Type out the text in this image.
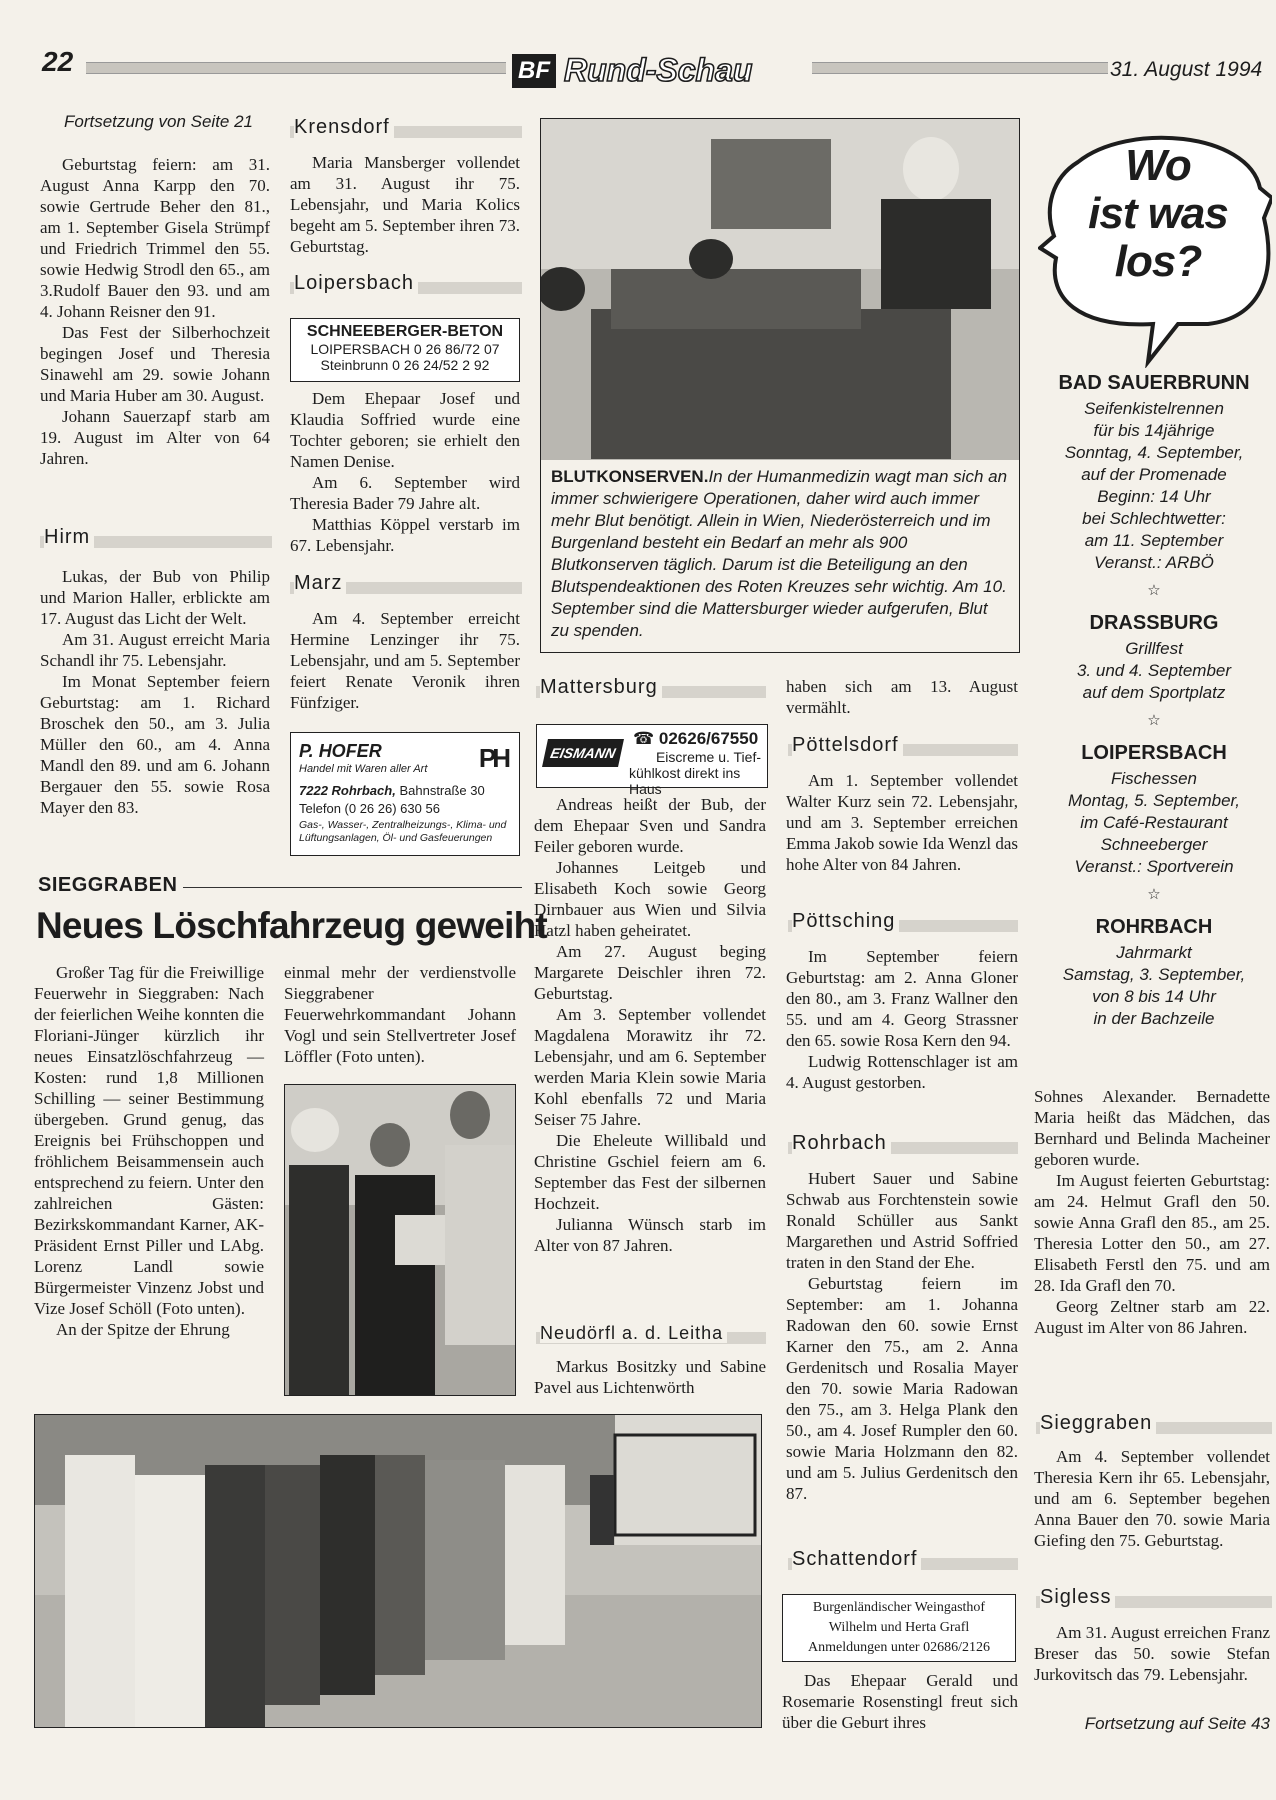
22	BF Rund-Schau	31. August 1994
Fortsetzung von Seite 21

Geburtstag feiern: am 31. August Anna Karpp den 70. sowie Gertrude Beher den 81., am 1. September Gisela Strümpf und Friedrich Trimmel den 55. sowie Hedwig Strodl den 65., am 3.Rudolf Bauer den 93. und am 4. Johann Reisner den 91.

Das Fest der Silberhochzeit begingen Josef und Theresia Sinawehl am 29. sowie Johann und Maria Huber am 30. August.

Johann Sauerzapf starb am 19. August im Alter von 64 Jahren.

Hirm

Lukas, der Bub von Philip und Marion Haller, erblickte am 17. August das Licht der Welt.

Am 31. August erreicht Maria Schandl ihr 75. Lebensjahr.

Im Monat September feiern Geburtstag: am 1. Richard Broschek den 50., am 3. Julia Müller den 60., am 4. Anna Mandl den 89. und am 6. Johann Bergauer den 55. sowie Rosa Mayer den 83.

Krensdorf

Maria Mansberger vollendet am 31. August ihr 75. Lebensjahr, und Maria Kolics begeht am 5. September ihren 73. Geburtstag.

Loipersbach
SCHNEEBERGER-BETON
LOIPERSBACH 0 26 86/72 07
Steinbrunn 0 26 24/52 2 92

Dem Ehepaar Josef und Klaudia Soffried wurde eine Tochter geboren; sie erhielt den Namen Denise.

Am 6. September wird Theresia Bader 79 Jahre alt.

Matthias Köppel verstarb im 67. Lebensjahr.

Marz

Am 4. September erreicht Hermine Lenzinger ihr 75. Lebensjahr, und am 5. September feiert Renate Veronik ihren Fünfziger.

P. HOFER
Handel mit Waren aller Art PH
7222 Rohrbach, Bahnstraße 30
Telefon (0 26 26) 630 56
Gas-, Wasser-, Zentralheizungs-, Klima- und Lüftungsanlagen, Öl- und Gasfeuerungen
BLUTKONSERVEN.In der Humanmedizin wagt man sich an immer schwierigere Operationen, daher wird auch immer mehr Blut benötigt. Allein in Wien, Niederösterreich und im Burgenland besteht ein Bedarf an mehr als 900 Blutkonserven täglich. Darum ist die Beteiligung an den Blutspendeaktionen des Roten Kreuzes sehr wichtig. Am 10. September sind die Mattersburger wieder aufgerufen, Blut zu spenden.
Wo
ist was
los?
BAD SAUERBRUNN
Seifenkistelrennen
für bis 14jährige
Sonntag, 4. September,
auf der Promenade
Beginn: 14 Uhr
bei Schlechtwetter:
am 11. September
Veranst.: ARBÖ
☆
DRASSBURG
Grillfest
3. und 4. September
auf dem Sportplatz
☆
LOIPERSBACH
Fischessen
Montag, 5. September,
im Café-Restaurant
Schneeberger
Veranst.: Sportverein
☆
ROHRBACH
Jahrmarkt
Samstag, 3. September,
von 8 bis 14 Uhr
in der Bachzeile
SIEGGRABEN
Neues Löschfahrzeug geweiht

Großer Tag für die Freiwillige Feuerwehr in Sieggraben: Nach der feierlichen Weihe konnten die Floriani-Jünger kürzlich ihr neues Einsatzlöschfahrzeug — Kosten: rund 1,8 Millionen Schilling — seiner Bestimmung übergeben. Grund genug, das Ereignis bei Frühschoppen und fröhlichem Beisammensein auch entsprechend zu feiern. Unter den zahlreichen Gästen: Bezirkskommandant Karner, AK-Präsident Ernst Piller und LAbg. Lorenz Landl sowie Bürgermeister Vinzenz Jobst und Vize Josef Schöll (Foto unten).

An der Spitze der Ehrung

einmal mehr der verdienstvolle Sieggrabener Feuerwehrkommandant Johann Vogl und sein Stellvertreter Josef Löffler (Foto unten).

Mattersburg
EISMANN
☎ 02626/67550
Eiscreme u. Tief-
kühlkost direkt ins Haus

Andreas heißt der Bub, der dem Ehepaar Sven und Sandra Feiler geboren wurde.

Johannes Leitgeb und Elisabeth Koch sowie Georg Dirnbauer aus Wien und Silvia Hatzl haben geheiratet.

Am 27. August beging Margarete Deischler ihren 72. Geburtstag.

Am 3. September vollendet Magdalena Morawitz ihr 72. Lebensjahr, und am 6. September werden Maria Klein sowie Maria Kohl ebenfalls 72 und Maria Seiser 75 Jahre.

Die Eheleute Willibald und Christine Gschiel feiern am 6. September das Fest der silbernen Hochzeit.

Julianna Wünsch starb im Alter von 87 Jahren.

Neudörfl a. d. Leitha

Markus Bositzky und Sabine Pavel aus Lichtenwörth

haben sich am 13. August vermählt.

Pöttelsdorf

Am 1. September vollendet Walter Kurz sein 72. Lebensjahr, und am 3. September erreichen Emma Jakob sowie Ida Wenzl das hohe Alter von 84 Jahren.

Pöttsching

Im September feiern Geburtstag: am 2. Anna Gloner den 80., am 3. Franz Wallner den 55. und am 4. Georg Strassner den 65. sowie Rosa Kern den 94.

Ludwig Rottenschlager ist am 4. August gestorben.

Rohrbach

Hubert Sauer und Sabine Schwab aus Forchtenstein sowie Ronald Schüller aus Sankt Margarethen und Astrid Soffried traten in den Stand der Ehe.

Geburtstag feiern im September: am 1. Johanna Radowan den 60. sowie Ernst Karner den 75., am 2. Anna Gerdenitsch und Rosalia Mayer den 70. sowie Maria Radowan den 75., am 3. Helga Plank den 50., am 4. Josef Rumpler den 60. sowie Maria Holzmann den 82. und am 5. Julius Gerdenitsch den 87.

Schattendorf
Burgenländischer Weingasthof
Wilhelm und Herta Grafl
Anmeldungen unter 02686/2126

Das Ehepaar Gerald und Rosemarie Rosenstingl freut sich über die Geburt ihres

Sohnes Alexander. Bernadette Maria heißt das Mädchen, das Bernhard und Belinda Macheiner geboren wurde.

Im August feierten Geburtstag: am 24. Helmut Grafl den 50. sowie Anna Grafl den 85., am 25. Theresia Lotter den 50., am 27. Elisabeth Ferstl den 75. und am 28. Ida Grafl den 70.

Georg Zeltner starb am 22. August im Alter von 86 Jahren.

Sieggraben

Am 4. September vollendet Theresia Kern ihr 65. Lebensjahr, und am 6. September begehen Anna Bauer den 70. sowie Maria Giefing den 75. Geburtstag.

Sigless

Am 31. August erreichen Franz Breser das 50. sowie Stefan Jurkovitsch das 79. Lebensjahr.

Fortsetzung auf Seite 43
